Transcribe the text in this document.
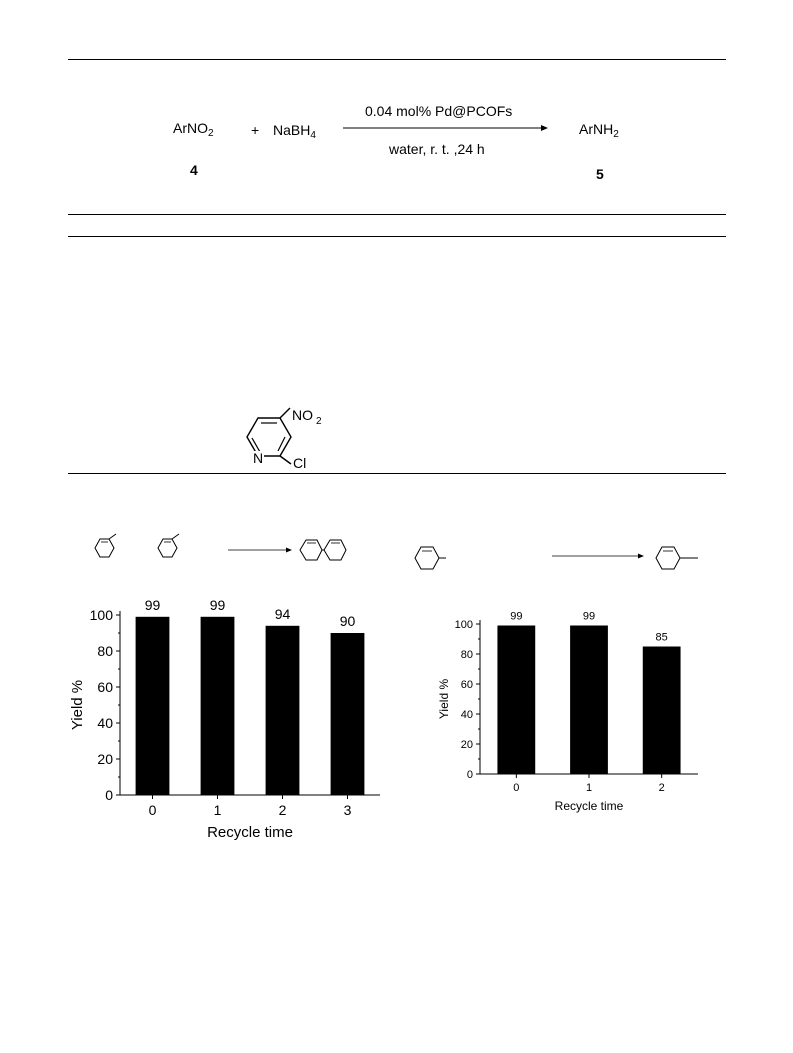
ArNO$_2$
4
+ NaBH$_4$
0.04 mol% Pd@PCOFs
water, r. t. ,24 h
ArNH$_2$
5
N
NO 2
Cl
0
20
40
60
80
100
0
99
1
99
2
94
3
90
Recycle time
Yield %
0
20
40
60
80
100
0
99
1
99
2
85
Recycle time
Yield %
